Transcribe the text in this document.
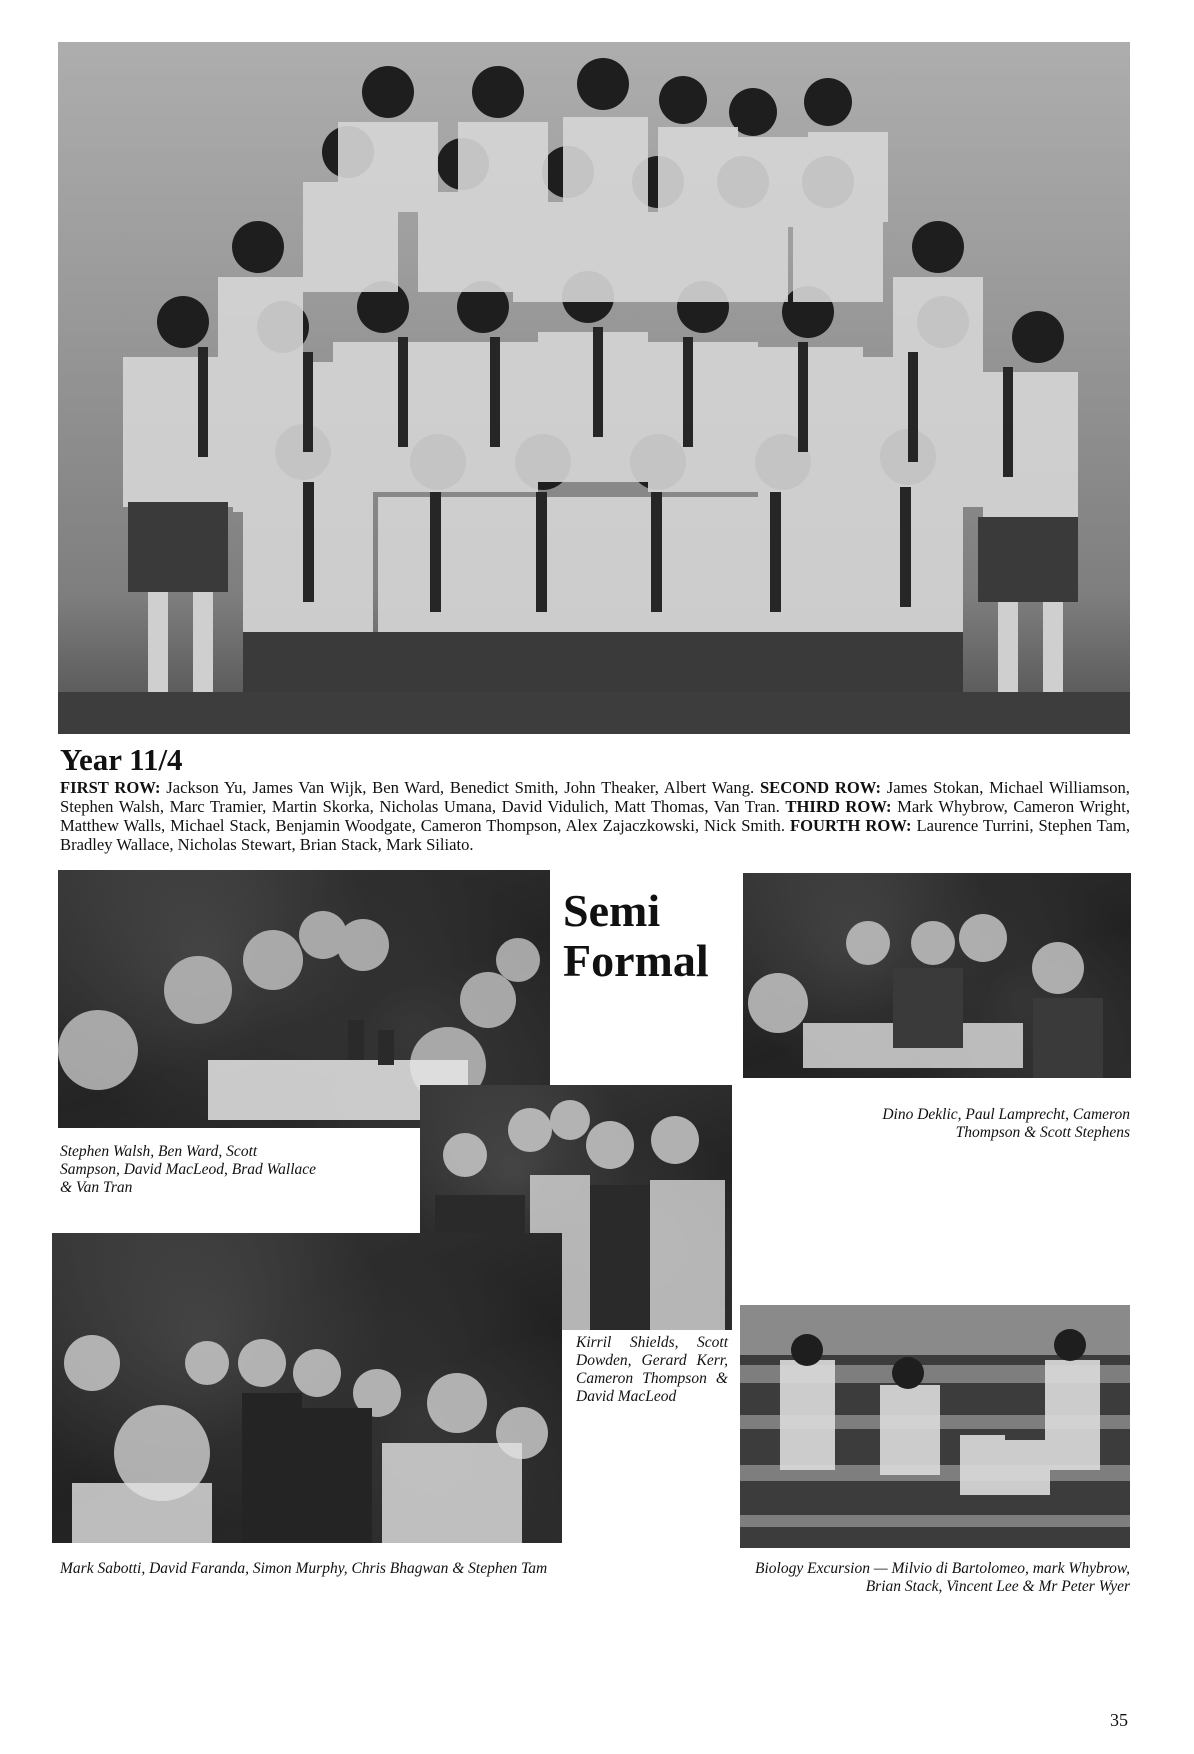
Year 11/4
FIRST ROW: Jackson Yu, James Van Wijk, Ben Ward, Benedict Smith, John Theaker, Albert Wang. SECOND ROW: James Stokan, Michael Williamson, Stephen Walsh, Marc Tramier, Martin Skorka, Nicholas Umana, David Vidulich, Matt Thomas, Van Tran. THIRD ROW: Mark Whybrow, Cameron Wright, Matthew Walls, Michael Stack, Benjamin Woodgate, Cameron Thompson, Alex Zajaczkowski, Nick Smith. FOURTH ROW: Laurence Turrini, Stephen Tam, Bradley Wallace, Nicholas Stewart, Brian Stack, Mark Siliato.
Semi
Formal
Dino Deklic, Paul Lamprecht, Cameron Thompson & Scott Stephens
Stephen Walsh, Ben Ward, Scott Sampson, David MacLeod, Brad Wallace & Van Tran
Kirril Shields, Scott Dowden, Gerard Kerr, Cameron Thompson & David MacLeod
Mark Sabotti, David Faranda, Simon Murphy, Chris Bhagwan & Stephen Tam	Biology Excursion — Milvio di Bartolomeo, mark Whybrow, Brian Stack, Vincent Lee & Mr Peter Wyer
35
